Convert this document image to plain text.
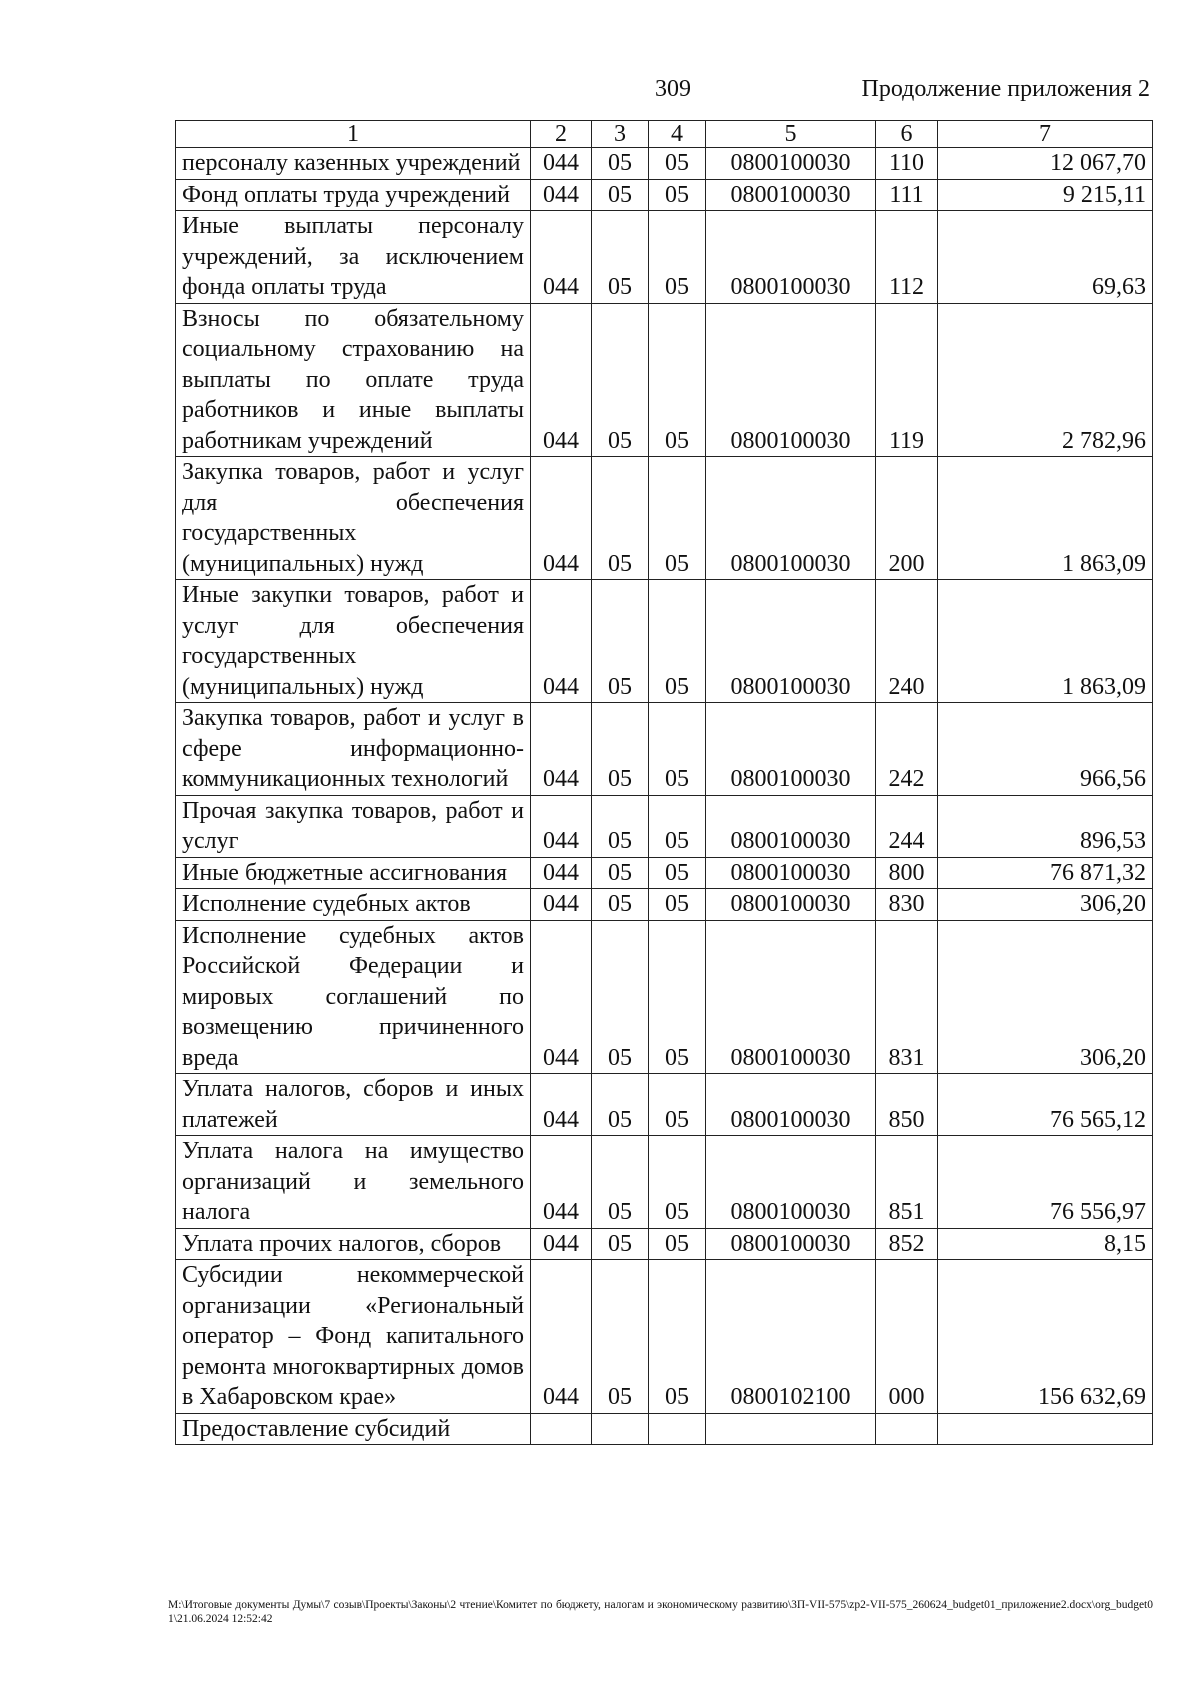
309	Продолжение приложения 2
1	2	3	4	5	6	7
персоналу казенных учреждений	044	05	05	0800100030	110	12 067,70
Фонд оплаты труда учреждений	044	05	05	0800100030	111	9 215,11
Иные выплаты персоналу учреждений, за исключением фонда оплаты труда	044	05	05	0800100030	112	69,63
Взносы по обязательному социальному страхованию на выплаты по оплате труда работников и иные выплаты работникам учреждений	044	05	05	0800100030	119	2 782,96
Закупка товаров, работ и услуг для обеспечения государственных (муниципальных) нужд	044	05	05	0800100030	200	1 863,09
Иные закупки товаров, работ и услуг для обеспечения государственных (муниципальных) нужд	044	05	05	0800100030	240	1 863,09
Закупка товаров, работ и услуг в сфере информационно-коммуникационных технологий	044	05	05	0800100030	242	966,56
Прочая закупка товаров, работ и услуг	044	05	05	0800100030	244	896,53
Иные бюджетные ассигнования	044	05	05	0800100030	800	76 871,32
Исполнение судебных актов	044	05	05	0800100030	830	306,20
Исполнение судебных актов Российской Федерации и мировых соглашений по возмещению причиненного вреда	044	05	05	0800100030	831	306,20
Уплата налогов, сборов и иных платежей	044	05	05	0800100030	850	76 565,12
Уплата налога на имущество организаций и земельного налога	044	05	05	0800100030	851	76 556,97
Уплата прочих налогов, сборов	044	05	05	0800100030	852	8,15
Субсидии некоммерческой организации «Региональный оператор – Фонд капитального ремонта многоквартирных домов в Хабаровском крае»	044	05	05	0800102100	000	156 632,69
Предоставление субсидий						
M:\Итоговые документы Думы\7 созыв\Проекты\Законы\2 чтение\Комитет по бюджету, налогам и экономическому развитию\3П-VII-575\zp2-VII-575_260624_budget01_приложение2.docx\org_budget01\21.06.2024 12:52:42
